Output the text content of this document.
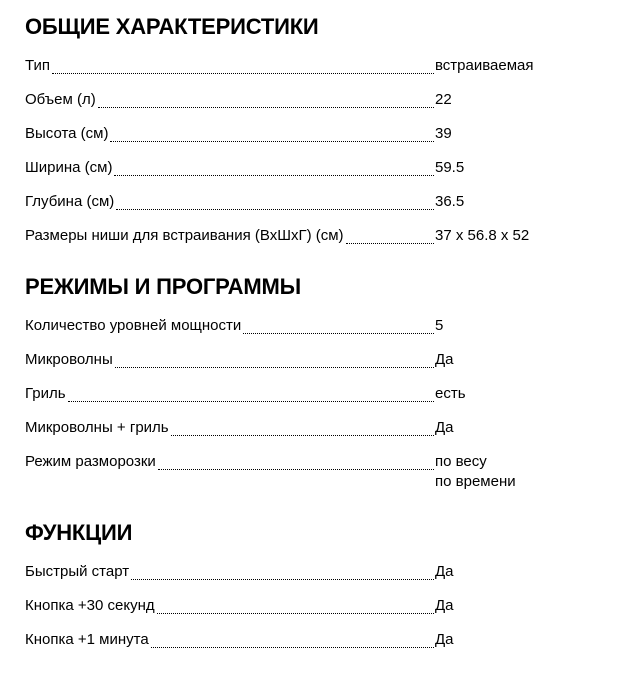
ОБЩИЕ ХАРАКТЕРИСТИКИ
Тип	встраиваемая
Объем (л)	22
Высота (см)	39
Ширина (см)	59.5
Глубина (см)	36.5
Размеры ниши для встраивания (ВхШхГ) (см)	37 x 56.8 x 52
РЕЖИМЫ И ПРОГРАММЫ
Количество уровней мощности	5
Микроволны	Да
Гриль	есть
Микроволны + гриль	Да
Режим разморозки	по весу
по времени
ФУНКЦИИ
Быстрый старт	Да
Кнопка +30 секунд	Да
Кнопка +1 минута	Да
